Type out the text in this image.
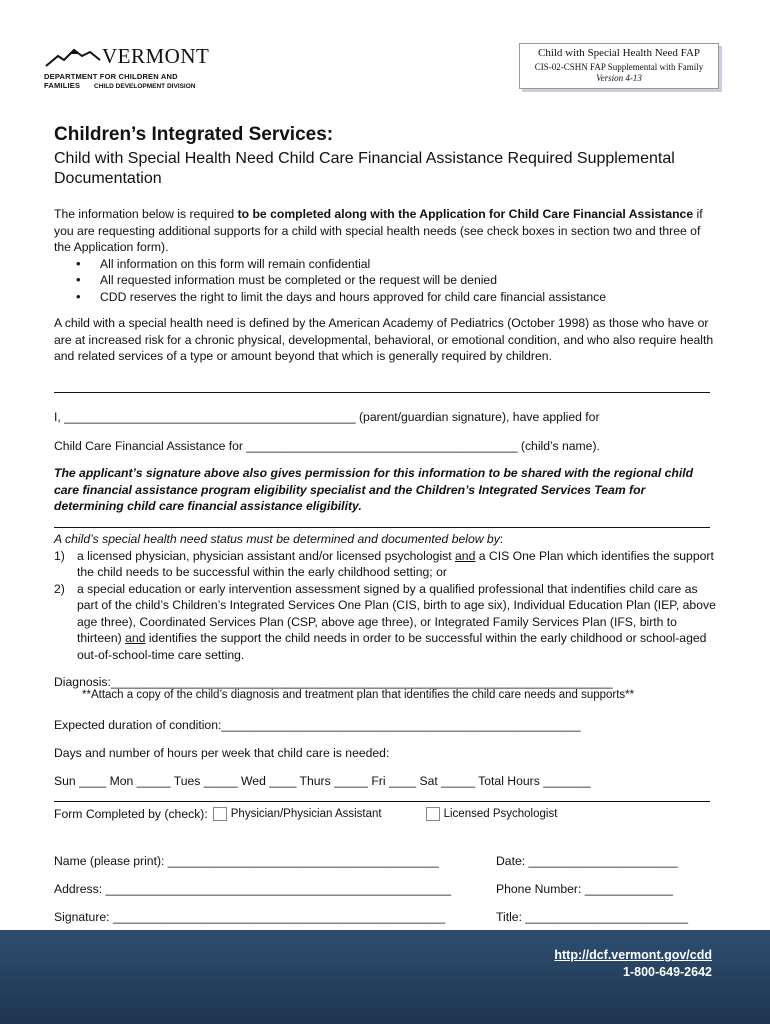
VERMONT
DEPARTMENT FOR CHILDREN AND FAMILIES	CHILD DEVELOPMENT DIVISION
Child with Special Health Need FAP
CIS-02-CSHN FAP Supplemental with Family
Version 4-13
Children’s Integrated Services:
Child with Special Health Need Child Care Financial Assistance Required Supplemental Documentation
The information below is required to be completed along with the Application for Child Care Financial Assistance if you are requesting additional supports for a child with special health needs (see check boxes in section two and three of the Application form).
• All information on this form will remain confidential
• All requested information must be completed or the request will be denied
• CDD reserves the right to limit the days and hours approved for child care financial assistance
A child with a special health need is defined by the American Academy of Pediatrics (October 1998) as those who have or are at increased risk for a chronic physical, developmental, behavioral, or emotional condition, and who also require health and related services of a type or amount beyond that which is generally required by children.
I, ___________________________________________ (parent/guardian signature), have applied for
Child Care Financial Assistance for ________________________________________ (child’s name).
The applicant’s signature above also gives permission for this information to be shared with the regional child care financial assistance program eligibility specialist and the Children’s Integrated Services Team for determining child care financial assistance eligibility.
A child’s special health need status must be determined and documented below by:
1) a licensed physician, physician assistant and/or licensed psychologist and a CIS One Plan which identifies the support the child needs to be successful within the early childhood setting; or
2) a special education or early intervention assessment signed by a qualified professional that indentifies child care as part of the child’s Children’s Integrated Services One Plan (CIS, birth to age six), Individual Education Plan (IEP, above age three), Coordinated Services Plan (CSP, above age three), or Integrated Family Services Plan (IFS, birth to thirteen) and identifies the support the child needs in order to be successful within the early childhood or school-aged out-of-school-time care setting.
Diagnosis:__________________________________________________________________________
**Attach a copy of the child’s diagnosis and treatment plan that identifies the child care needs and supports**
Expected duration of condition:_____________________________________________________
Days and number of hours per week that child care is needed:
Sun ____ Mon _____ Tues _____ Wed ____ Thurs _____ Fri ____ Sat _____ Total Hours _______
Form Completed by (check): Physician/Physician Assistant	Licensed Psychologist
Name (please print): ________________________________________	Date: ______________________
Address: ___________________________________________________	Phone Number: _____________
Signature: _________________________________________________	Title: ________________________
http://dcf.vermont.gov/cdd
1-800-649-2642
